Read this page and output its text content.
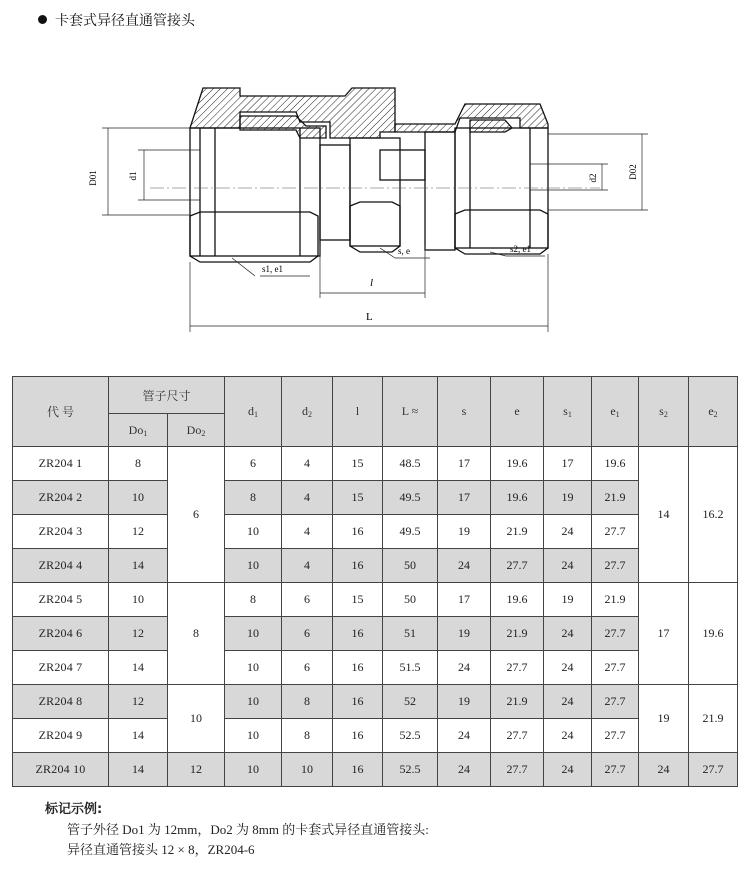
卡套式异径直通管接头
D01	d1	d2	D02
s1, e1
s, e	s2, e1
l
L
代 号	管子尺寸		$d_1$	$d_2$	l	L ≈	s	e	$s_1$	$e_1$	$s_2$	$e_2$
	$Do_1$	$Do_2$
ZR204 1	8	6	6	4	15	48.5	17	19.6	17	19.6	14	16.2
ZR204 2	10		8	4	15	49.5	17	19.6	19	21.9		
ZR204 3	12		10	4	16	49.5	19	21.9	24	27.7		
ZR204 4	14		10	4	16	50	24	27.7	24	27.7		
ZR204 5	10	8	8	6	15	50	17	19.6	19	21.9	17	19.6
ZR204 6	12		10	6	16	51	19	21.9	24	27.7		
ZR204 7	14		10	6	16	51.5	24	27.7	24	27.7		
ZR204 8	12	10	10	8	16	52	19	21.9	24	27.7	19	21.9
ZR204 9	14		10	8	16	52.5	24	27.7	24	27.7		
ZR204 10	14	12	10	10	16	52.5	24	27.7	24	27.7	24	27.7
标记示例:
管子外径 Do1 为 12mm，Do2 为 8mm 的卡套式异径直通管接头:
异径直通管接头 12 × 8，ZR204-6
